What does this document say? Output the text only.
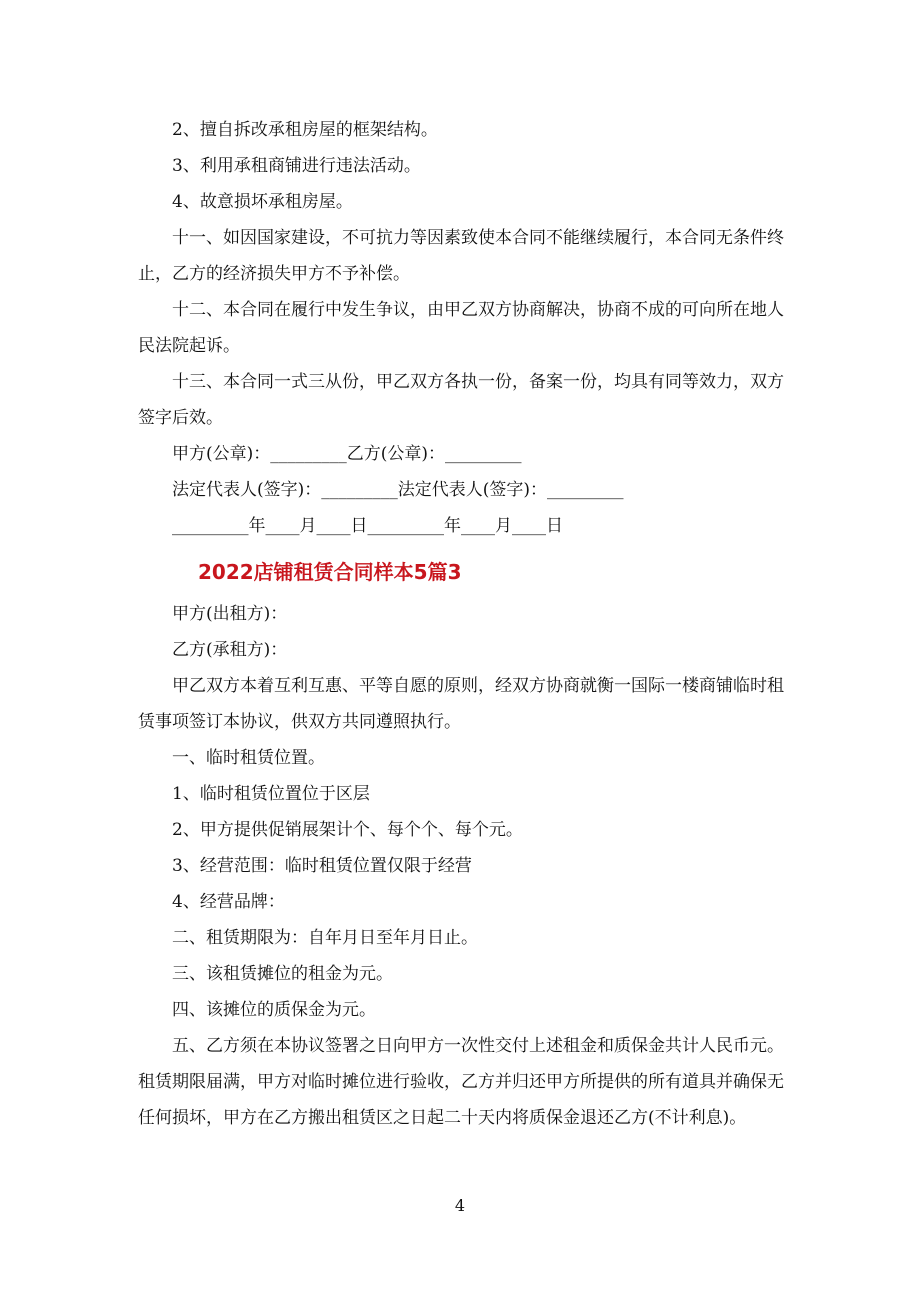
2、擅自拆改承租房屋的框架结构。

3、利用承租商铺进行违法活动。

4、故意损坏承租房屋。

十一、如因国家建设，不可抗力等因素致使本合同不能继续履行，本合同无条件终止，乙方的经济损失甲方不予补偿。

十二、本合同在履行中发生争议，由甲乙双方协商解决，协商不成的可向所在地人民法院起诉。

十三、本合同一式三从份，甲乙双方各执一份，备案一份，均具有同等效力，双方签字后效。

甲方(公章)：_________乙方(公章)：_________

法定代表人(签字)：_________法定代表人(签字)：_________

_________年____月____日_________年____月____日

2022店铺租赁合同样本5篇3

甲方(出租方)：

乙方(承租方)：

甲乙双方本着互利互惠、平等自愿的原则，经双方协商就衡一国际一楼商铺临时租赁事项签订本协议，供双方共同遵照执行。

一、临时租赁位置。

1、临时租赁位置位于区层

2、甲方提供促销展架计个、每个个、每个元。

3、经营范围：临时租赁位置仅限于经营

4、经营品牌：

二、租赁期限为：自年月日至年月日止。

三、该租赁摊位的租金为元。

四、该摊位的质保金为元。

五、乙方须在本协议签署之日向甲方一次性交付上述租金和质保金共计人民币元。租赁期限届满，甲方对临时摊位进行验收，乙方并归还甲方所提供的所有道具并确保无任何损坏，甲方在乙方搬出租赁区之日起二十天内将质保金退还乙方(不计利息)。

4
